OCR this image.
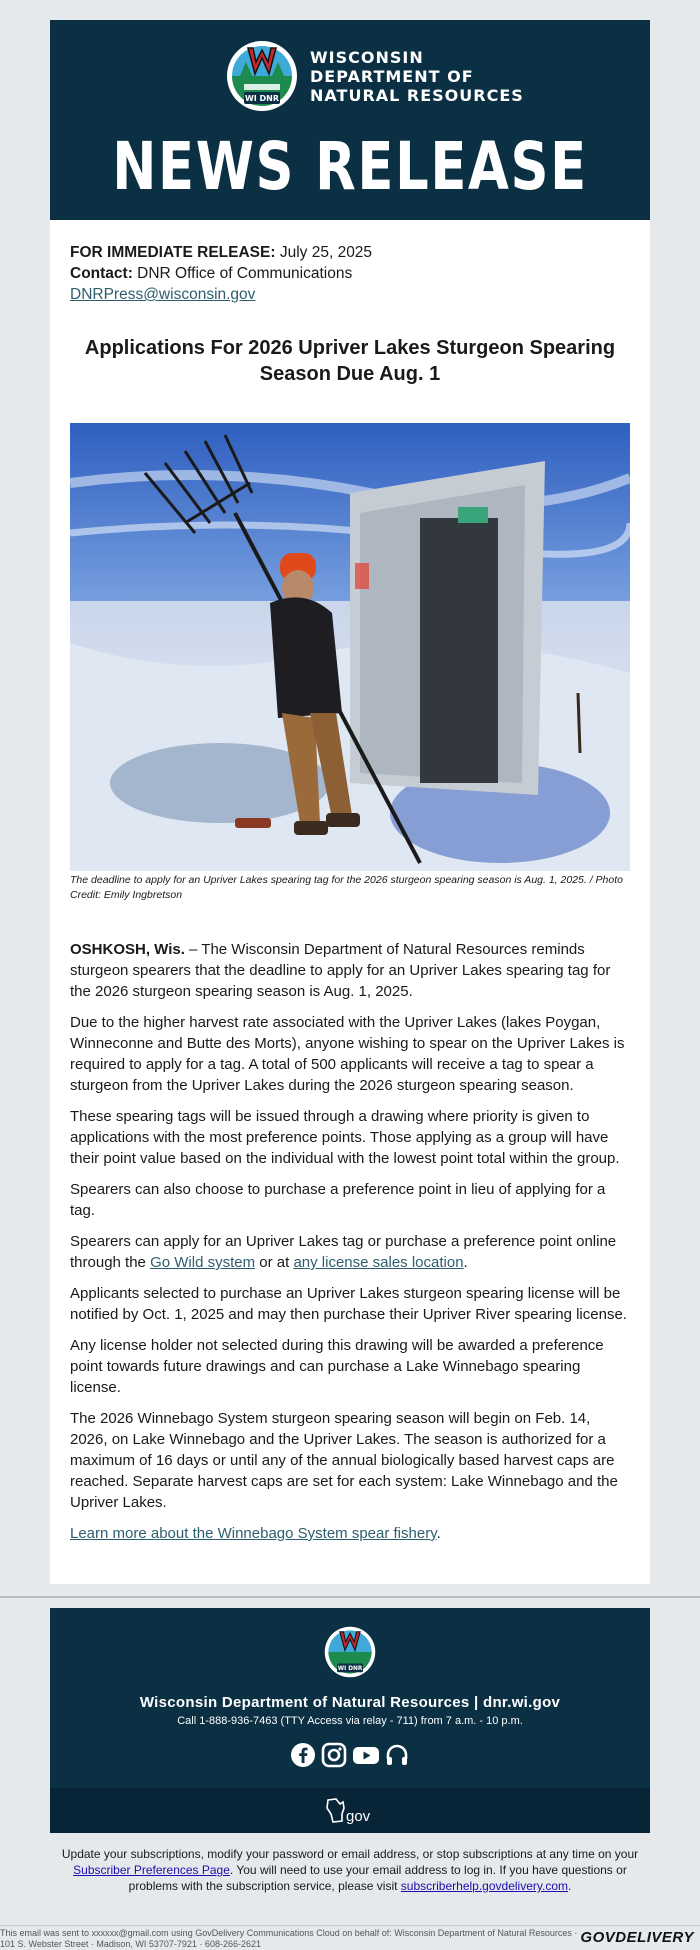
WI DNR
WISCONSIN
DEPARTMENT OF
NATURAL RESOURCES
NEWS RELEASE
FOR IMMEDIATE RELEASE: July 25, 2025
Contact: DNR Office of Communications
DNRPress@wisconsin.gov
Applications For 2026 Upriver Lakes Sturgeon Spearing Season Due Aug. 1
The deadline to apply for an Upriver Lakes spearing tag for the 2026 sturgeon spearing season is Aug. 1, 2025. / Photo Credit: Emily Ingbretson

OSHKOSH, Wis. – The Wisconsin Department of Natural Resources reminds sturgeon spearers that the deadline to apply for an Upriver Lakes spearing tag for the 2026 sturgeon spearing season is Aug. 1, 2025.

Due to the higher harvest rate associated with the Upriver Lakes (lakes Poygan, Winneconne and Butte des Morts), anyone wishing to spear on the Upriver Lakes is required to apply for a tag. A total of 500 applicants will receive a tag to spear a sturgeon from the Upriver Lakes during the 2026 sturgeon spearing season.

These spearing tags will be issued through a drawing where priority is given to applications with the most preference points. Those applying as a group will have their point value based on the individual with the lowest point total within the group.

Spearers can also choose to purchase a preference point in lieu of applying for a tag.

Spearers can apply for an Upriver Lakes tag or purchase a preference point online through the Go Wild system or at any license sales location.

Applicants selected to purchase an Upriver Lakes sturgeon spearing license will be notified by Oct. 1, 2025 and may then purchase their Upriver River spearing license.

Any license holder not selected during this drawing will be awarded a preference point towards future drawings and can purchase a Lake Winnebago spearing license.

The 2026 Winnebago System sturgeon spearing season will begin on Feb. 14, 2026, on Lake Winnebago and the Upriver Lakes. The season is authorized for a maximum of 16 days or until any of the annual biologically based harvest caps are reached. Separate harvest caps are set for each system: Lake Winnebago and the Upriver Lakes.

Learn more about the Winnebago System spear fishery.

WI DNR
Wisconsin Department of Natural Resources | dnr.wi.gov
Call 1-888-936-7463 (TTY Access via relay - 711) from 7 a.m. - 10 p.m.
gov
Update your subscriptions, modify your password or email address, or stop subscriptions at any time on your Subscriber Preferences Page. You will need to use your email address to log in. If you have questions or problems with the subscription service, please visit subscriberhelp.govdelivery.com.
This email was sent to xxxxxx@gmail.com using GovDelivery Communications Cloud on behalf of: Wisconsin Department of Natural Resources · 101 S. Webster Street · Madison, WI 53707-7921 · 608-266-2621	GOVDELIVERY
